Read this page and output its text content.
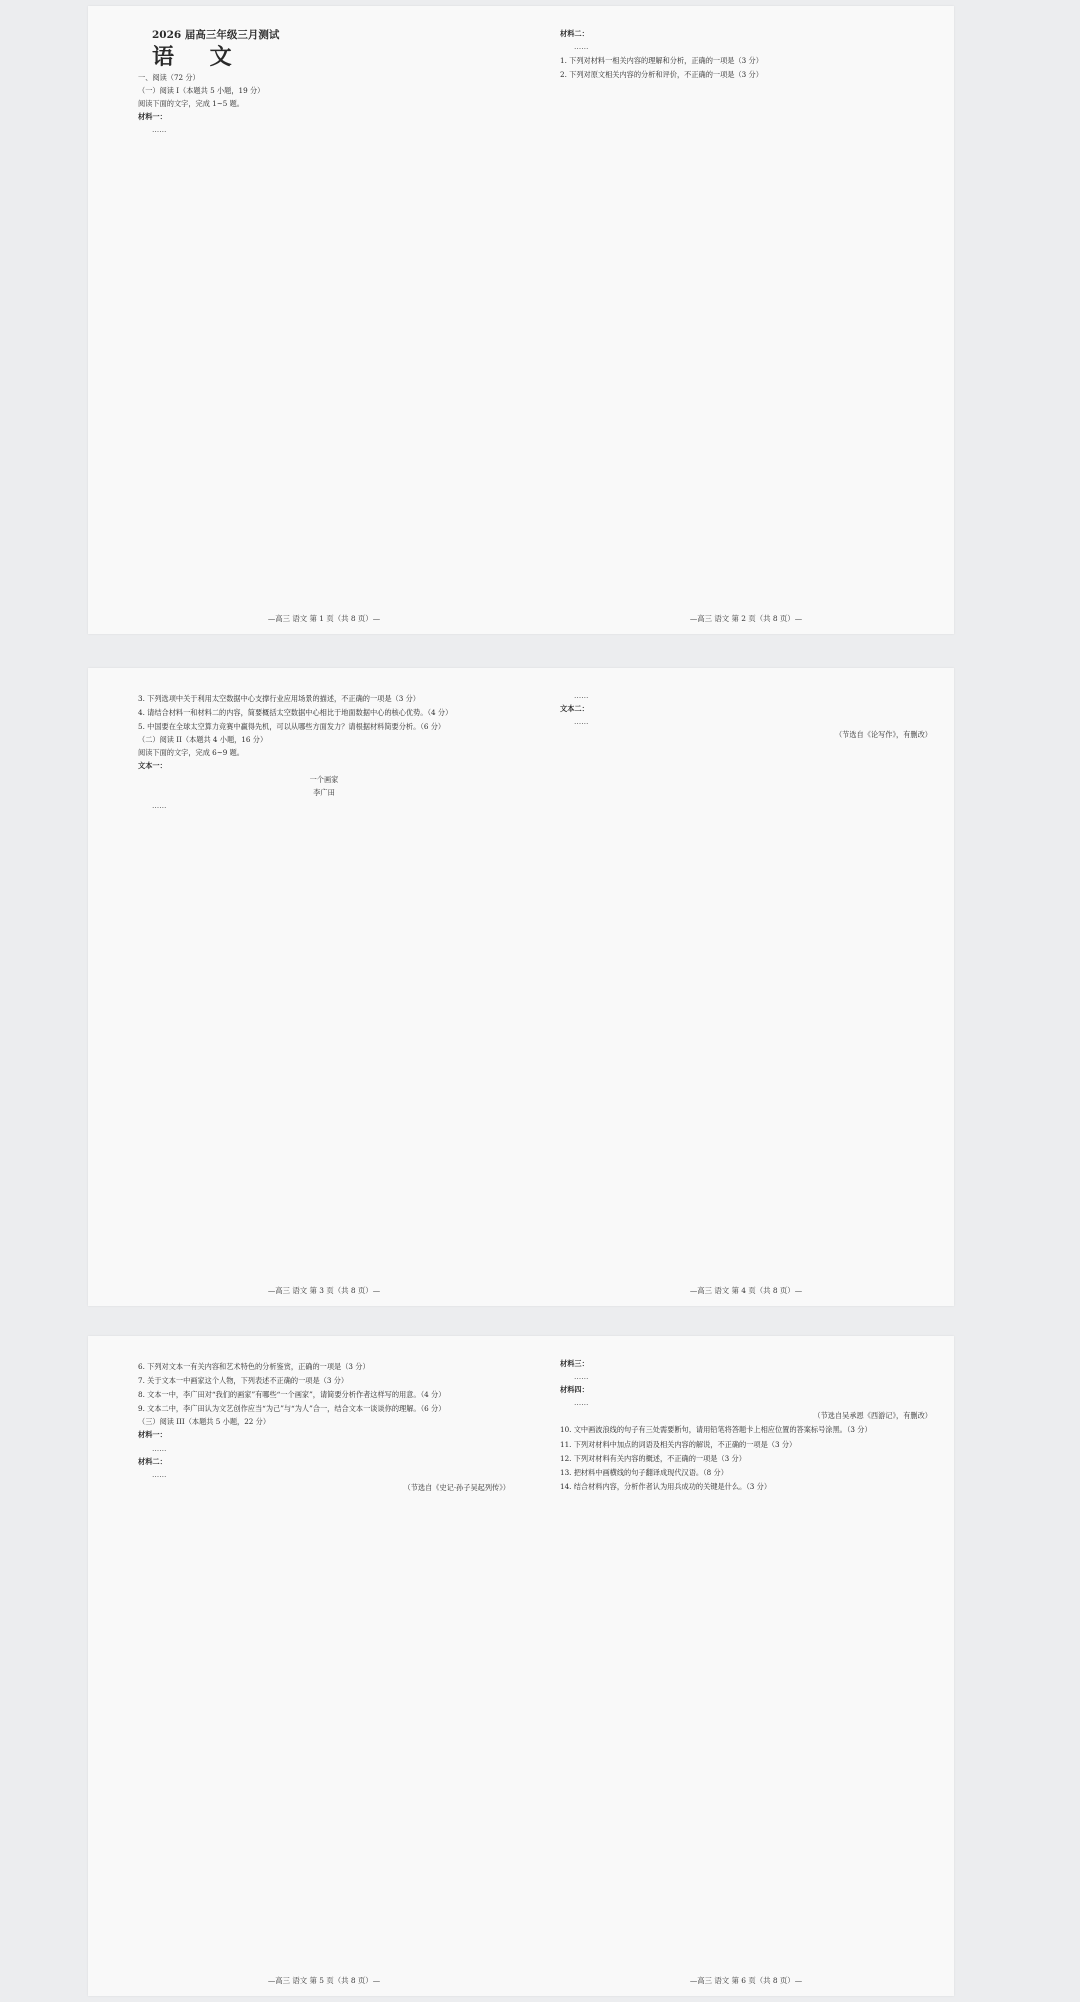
2026 届高三年级三月测试

语 文

一、阅读（72 分）

（一）阅读 I（本题共 5 小题，19 分）

阅读下面的文字，完成 1~5 题。

材料一：

……

—高三 语文 第 1 页（共 8 页）—

材料二：

……

1. 下列对材料一相关内容的理解和分析，正确的一项是（3 分）

2. 下列对原文相关内容的分析和评价，不正确的一项是（3 分）

—高三 语文 第 2 页（共 8 页）—

3. 下列选项中关于利用太空数据中心支撑行业应用场景的描述，不正确的一项是（3 分）

4. 请结合材料一和材料二的内容，简要概括太空数据中心相比于地面数据中心的核心优势。（4 分）

5. 中国要在全球太空算力竞赛中赢得先机，可以从哪些方面发力？请根据材料简要分析。（6 分）

（二）阅读 II（本题共 4 小题，16 分）

阅读下面的文字，完成 6~9 题。

文本一：

一个画家

李广田

……

—高三 语文 第 3 页（共 8 页）—

……

文本二：

……

（节选自《论写作》，有删改）

—高三 语文 第 4 页（共 8 页）—

6. 下列对文本一有关内容和艺术特色的分析鉴赏，正确的一项是（3 分）

7. 关于文本一中画家这个人物，下列表述不正确的一项是（3 分）

8. 文本一中，李广田对“我们的画家”有哪些“一个画家”，请简要分析作者这样写的用意。（4 分）

9. 文本二中，李广田认为文艺创作应当“为己”与“为人”合一，结合文本一谈谈你的理解。（6 分）

（三）阅读 III（本题共 5 小题，22 分）

材料一：

……

材料二：

……

（节选自《史记·孙子吴起列传》）

—高三 语文 第 5 页（共 8 页）—

材料三：

……

材料四：

……

（节选自吴承恩《西游记》，有删改）

10. 文中画波浪线的句子有三处需要断句，请用铅笔将答题卡上相应位置的答案标号涂黑。（3 分）

11. 下列对材料中加点的词语及相关内容的解说，不正确的一项是（3 分）

12. 下列对材料有关内容的概述，不正确的一项是（3 分）

13. 把材料中画横线的句子翻译成现代汉语。（8 分）

14. 结合材料内容，分析作者认为用兵成功的关键是什么。（3 分）

—高三 语文 第 6 页（共 8 页）—
